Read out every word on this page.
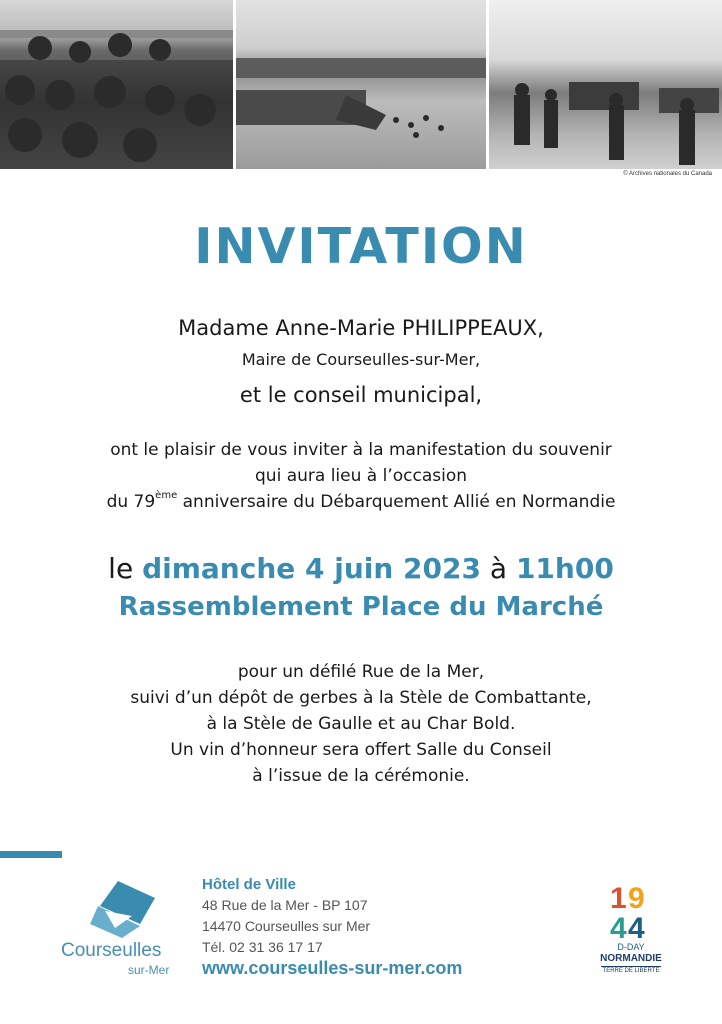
© Archives nationales du Canada
INVITATION
Madame Anne-Marie PHILIPPEAUX,
Maire de Courseulles-sur-Mer,
et le conseil municipal,
ont le plaisir de vous inviter à la manifestation du souvenir
qui aura lieu à l’occasion
du 79ème anniversaire du Débarquement Allié en Normandie
le dimanche 4 juin 2023 à 11h00
Rassemblement Place du Marché
pour un défilé Rue de la Mer,
suivi d’un dépôt de gerbes à la Stèle de Combattante,
à la Stèle de Gaulle et au Char Bold.
Un vin d’honneur sera offert Salle du Conseil
à l’issue de la cérémonie.
Courseulles
sur-Mer
Hôtel de Ville
48 Rue de la Mer - BP 107
14470 Courseulles sur Mer
Tél. 02 31 36 17 17
www.courseulles-sur-mer.com
1 9
4 4
D-DAY
NORMANDIE
TERRE DE LIBERTÉ
